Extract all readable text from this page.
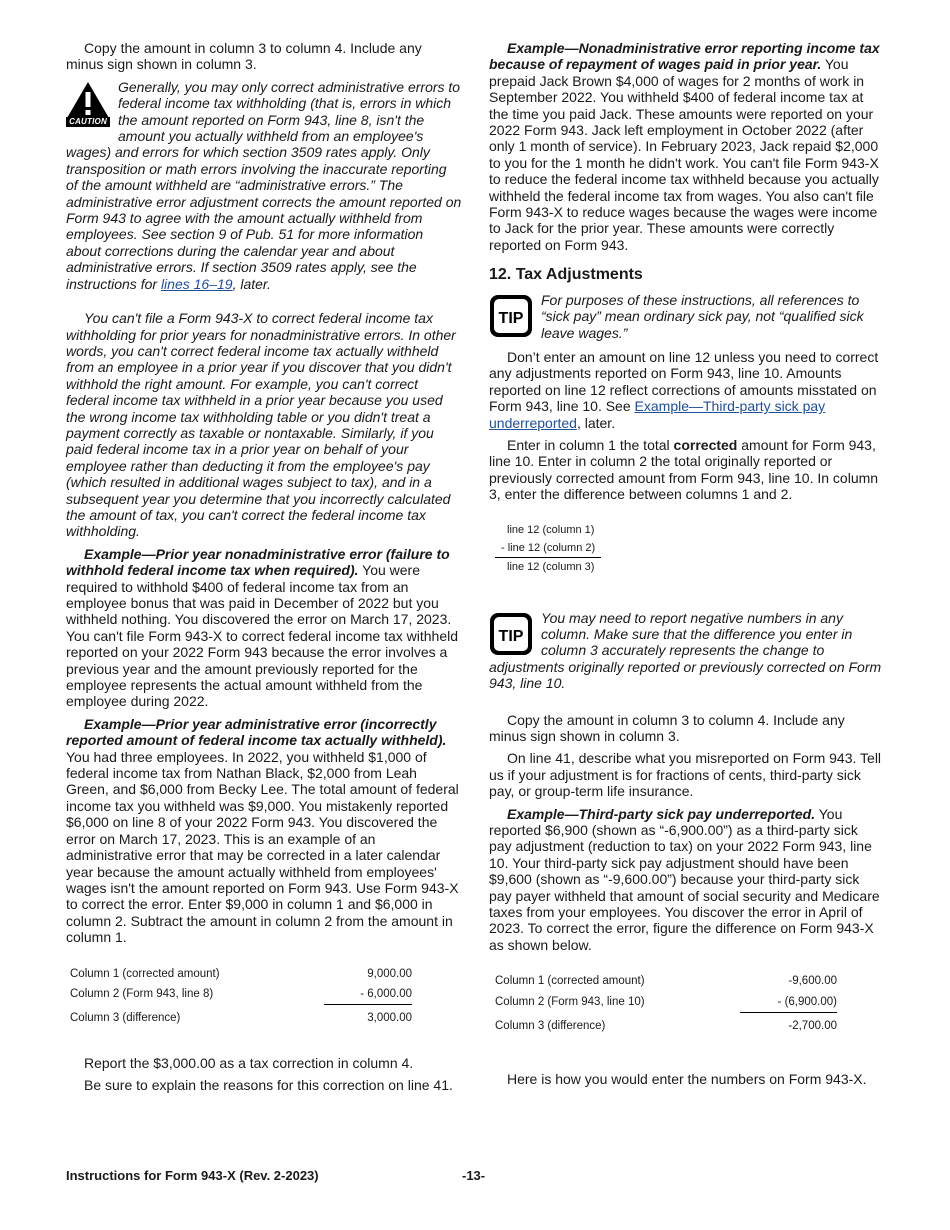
Copy the amount in column 3 to column 4. Include any minus sign shown in column 3.

CAUTION
Generally, you may only correct administrative errors to federal income tax withholding (that is, errors in which the amount reported on Form 943, line 8, isn't the amount you actually withheld from an employee's wages) and errors for which section 3509 rates apply. Only transposition or math errors involving the inaccurate reporting of the amount withheld are “administrative errors.” The administrative error adjustment corrects the amount reported on Form 943 to agree with the amount actually withheld from employees. See section 9 of Pub. 51 for more information about corrections during the calendar year and about administrative errors. If section 3509 rates apply, see the instructions for lines 16–19, later.

You can't file a Form 943-X to correct federal income tax withholding for prior years for nonadministrative errors. In other words, you can't correct federal income tax actually withheld from an employee in a prior year if you discover that you didn't withhold the right amount. For example, you can't correct federal income tax withheld in a prior year because you used the wrong income tax withholding table or you didn't treat a payment correctly as taxable or nontaxable. Similarly, if you paid federal income tax in a prior year on behalf of your employee rather than deducting it from the employee's pay (which resulted in additional wages subject to tax), and in a subsequent year you determine that you incorrectly calculated the amount of tax, you can't correct the federal income tax withholding.

Example—Prior year nonadministrative error (failure to withhold federal income tax when required). You were required to withhold $400 of federal income tax from an employee bonus that was paid in December of 2022 but you withheld nothing. You discovered the error on March 17, 2023. You can't file Form 943-X to correct federal income tax withheld reported on your 2022 Form 943 because the error involves a previous year and the amount previously reported for the employee represents the actual amount withheld from the employee during 2022.

Example—Prior year administrative error (incorrectly reported amount of federal income tax actually withheld). You had three employees. In 2022, you withheld $1,000 of federal income tax from Nathan Black, $2,000 from Leah Green, and $6,000 from Becky Lee. The total amount of federal income tax you withheld was $9,000. You mistakenly reported $6,000 on line 8 of your 2022 Form 943. You discovered the error on March 17, 2023. This is an example of an administrative error that may be corrected in a later calendar year because the amount actually withheld from employees' wages isn't the amount reported on Form 943. Use Form 943-X to correct the error. Enter $9,000 in column 1 and $6,000 in column 2. Subtract the amount in column 2 from the amount in column 1.

Column 1 (corrected amount)	9,000.00
Column 2 (Form 943, line 8)	- 6,000.00
Column 3 (difference)	3,000.00

Report the $3,000.00 as a tax correction in column 4.

Be sure to explain the reasons for this correction on line 41.

Example—Nonadministrative error reporting income tax because of repayment of wages paid in prior year. You prepaid Jack Brown $4,000 of wages for 2 months of work in September 2022. You withheld $400 of federal income tax at the time you paid Jack. These amounts were reported on your 2022 Form 943. Jack left employment in October 2022 (after only 1 month of service). In February 2023, Jack repaid $2,000 to you for the 1 month he didn't work. You can't file Form 943-X to reduce the federal income tax withheld because you actually withheld the federal income tax from wages. You also can't file Form 943-X to reduce wages because the wages were income to Jack for the prior year. These amounts were correctly reported on Form 943.

12. Tax Adjustments
TIP
For purposes of these instructions, all references to “sick pay” mean ordinary sick pay, not “qualified sick leave wages.”

Don’t enter an amount on line 12 unless you need to correct any adjustments reported on Form 943, line 10. Amounts reported on line 12 reflect corrections of amounts misstated on Form 943, line 10. See Example—Third-party sick pay underreported, later.

Enter in column 1 the total corrected amount for Form 943, line 10. Enter in column 2 the total originally reported or previously corrected amount from Form 943, line 10. In column 3, enter the difference between columns 1 and 2.

line 12 (column 1)
- line 12 (column 2)
line 12 (column 3)
TIP
You may need to report negative numbers in any column. Make sure that the difference you enter in column 3 accurately represents the change to adjustments originally reported or previously corrected on Form 943, line 10.

Copy the amount in column 3 to column 4. Include any minus sign shown in column 3.

On line 41, describe what you misreported on Form 943. Tell us if your adjustment is for fractions of cents, third-party sick pay, or group-term life insurance.

Example—Third-party sick pay underreported. You reported $6,900 (shown as “-6,900.00”) as a third-party sick pay adjustment (reduction to tax) on your 2022 Form 943, line 10. Your third-party sick pay adjustment should have been $9,600 (shown as “-9,600.00”) because your third-party sick pay payer withheld that amount of social security and Medicare taxes from your employees. You discover the error in April of 2023. To correct the error, figure the difference on Form 943-X as shown below.

Column 1 (corrected amount)	-9,600.00
Column 2 (Form 943, line 10)	- (6,900.00)
Column 3 (difference)	-2,700.00

Here is how you would enter the numbers on Form 943-X.

Instructions for Form 943-X (Rev. 2-2023)	-13-
